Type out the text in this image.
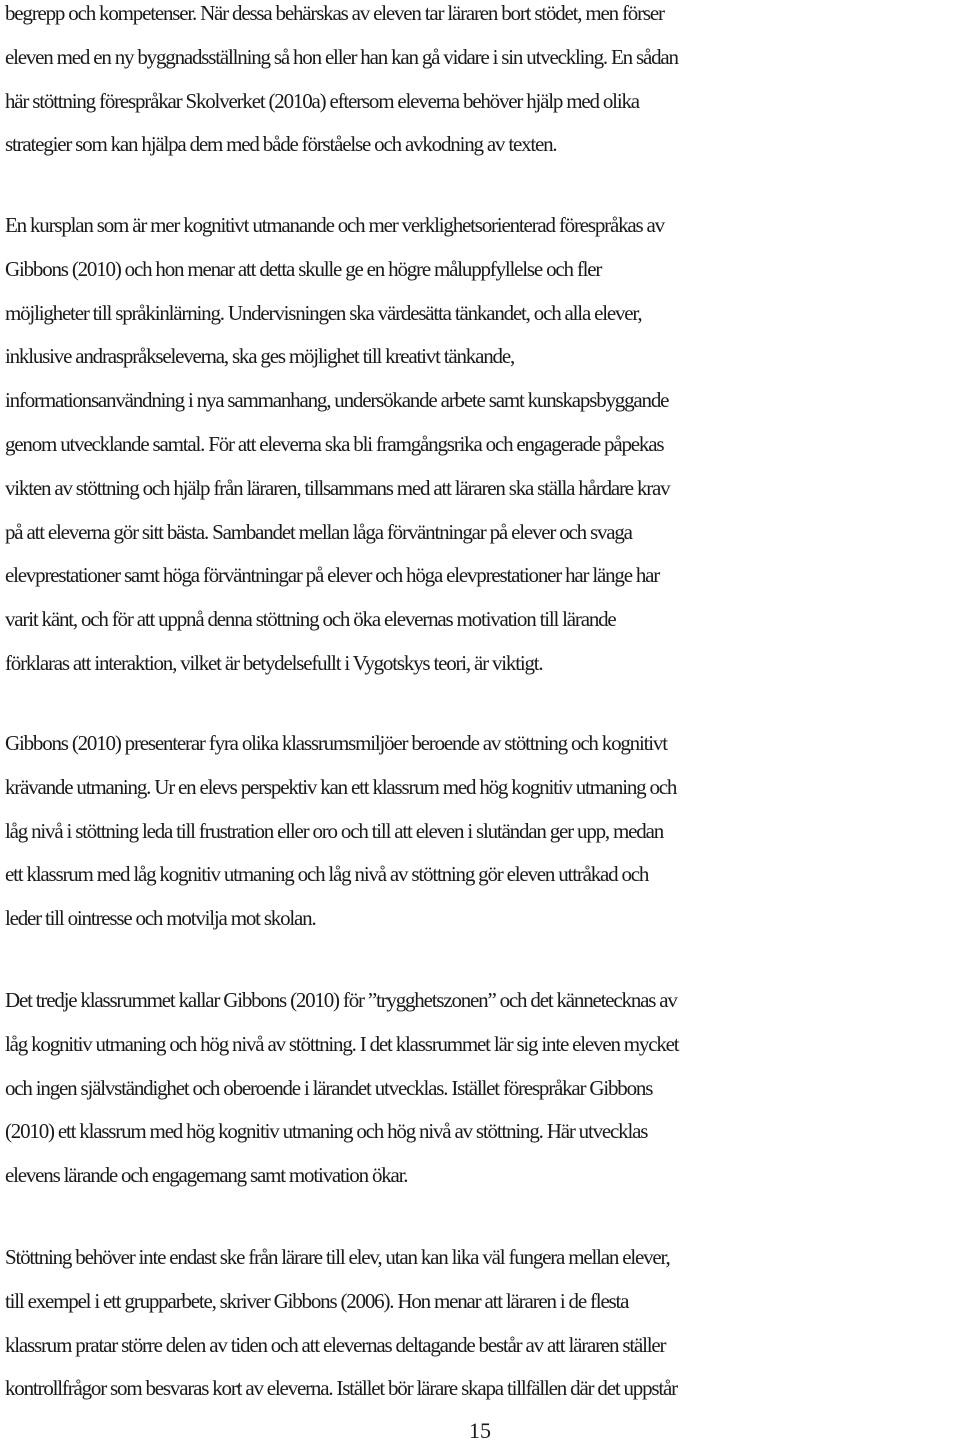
begrepp och kompetenser. När dessa behärskas av eleven tar läraren bort stödet, men förser
eleven med en ny byggnadsställning så hon eller han kan gå vidare i sin utveckling. En sådan
här stöttning förespråkar Skolverket (2010a) eftersom eleverna behöver hjälp med olika
strategier som kan hjälpa dem med både förståelse och avkodning av texten.
En kursplan som är mer kognitivt utmanande och mer verklighetsorienterad förespråkas av
Gibbons (2010) och hon menar att detta skulle ge en högre måluppfyllelse och fler
möjligheter till språkinlärning. Undervisningen ska värdesätta tänkandet, och alla elever,
inklusive andraspråkseleverna, ska ges möjlighet till kreativt tänkande,
informationsanvändning i nya sammanhang, undersökande arbete samt kunskapsbyggande
genom utvecklande samtal. För att eleverna ska bli framgångsrika och engagerade påpekas
vikten av stöttning och hjälp från läraren, tillsammans med att läraren ska ställa hårdare krav
på att eleverna gör sitt bästa. Sambandet mellan låga förväntningar på elever och svaga
elevprestationer samt höga förväntningar på elever och höga elevprestationer har länge har
varit känt, och för att uppnå denna stöttning och öka elevernas motivation till lärande
förklaras att interaktion, vilket är betydelsefullt i Vygotskys teori, är viktigt.
Gibbons (2010) presenterar fyra olika klassrumsmiljöer beroende av stöttning och kognitivt
krävande utmaning. Ur en elevs perspektiv kan ett klassrum med hög kognitiv utmaning och
låg nivå i stöttning leda till frustration eller oro och till att eleven i slutändan ger upp, medan
ett klassrum med låg kognitiv utmaning och låg nivå av stöttning gör eleven uttråkad och
leder till ointresse och motvilja mot skolan.
Det tredje klassrummet kallar Gibbons (2010) för ”trygghetszonen” och det kännetecknas av
låg kognitiv utmaning och hög nivå av stöttning. I det klassrummet lär sig inte eleven mycket
och ingen självständighet och oberoende i lärandet utvecklas. Istället förespråkar Gibbons
(2010) ett klassrum med hög kognitiv utmaning och hög nivå av stöttning. Här utvecklas
elevens lärande och engagemang samt motivation ökar.
Stöttning behöver inte endast ske från lärare till elev, utan kan lika väl fungera mellan elever,
till exempel i ett grupparbete, skriver Gibbons (2006). Hon menar att läraren i de flesta
klassrum pratar större delen av tiden och att elevernas deltagande består av att läraren ställer
kontrollfrågor som besvaras kort av eleverna. Istället bör lärare skapa tillfällen där det uppstår
15
